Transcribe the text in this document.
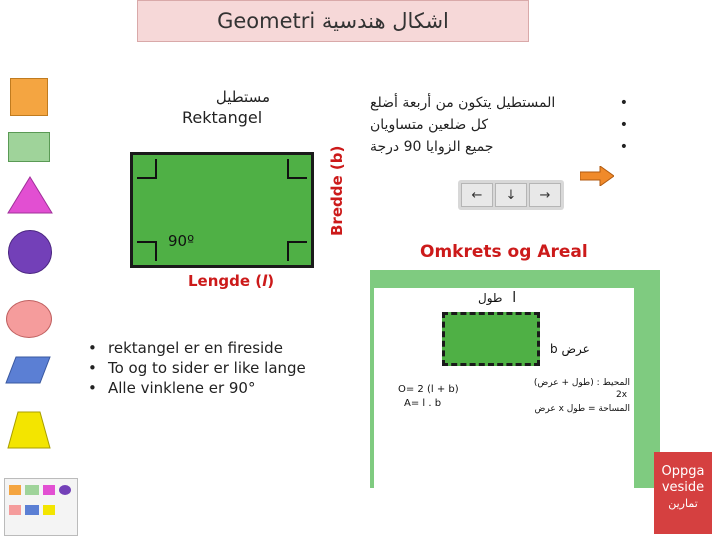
Geometri اشكال هندسية
مستطيل
Rektangel
90º
Bredde (b)
Lengde (l)
• المستطيل يتكون من أربعة أضلع
• كل ضلعين متساويان
• جميع الزوايا 90 درجة
←	↓	→
Omkrets og Areal
طول l
b عرض
O= 2 (l + b)
A= l . b
المحيط : (طول + عرض)
2x
المساحة = طول x عرض
• rektangel er en fireside
• To og to sider er like lange
• Alle vinklene er 90°
Oppga
veside
تمارين
